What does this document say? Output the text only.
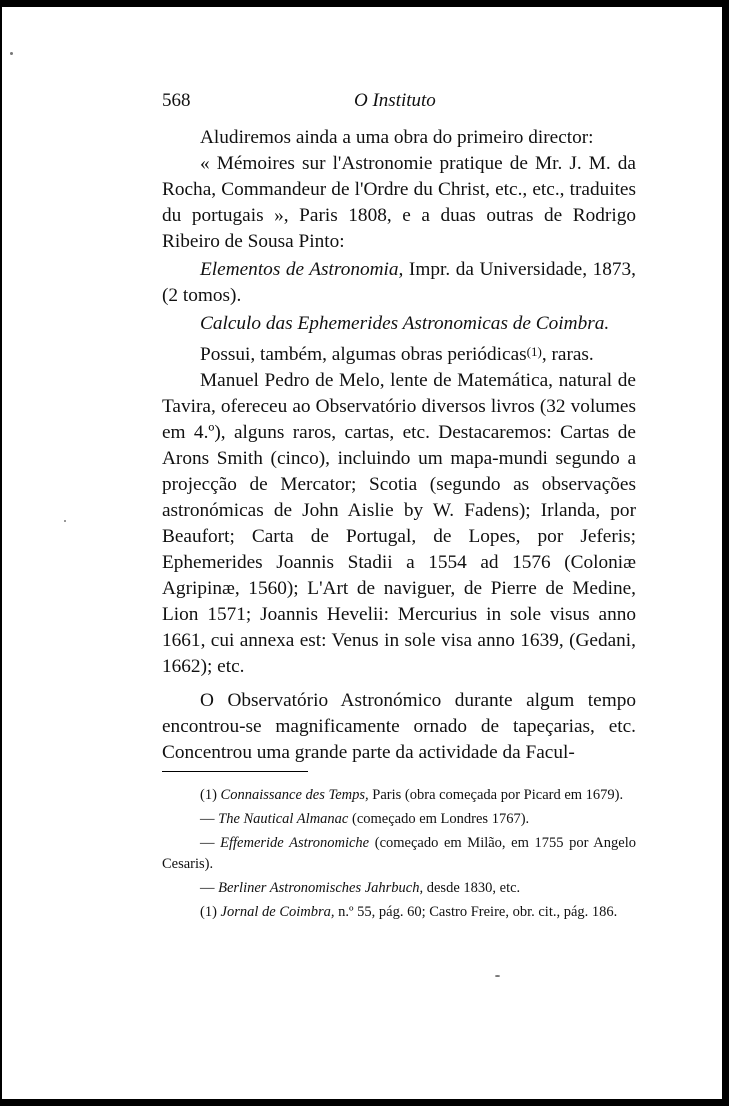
568	O Instituto

Aludiremos ainda a uma obra do primeiro director:

« Mémoires sur l'Astronomie pratique de Mr. J. M. da Rocha, Commandeur de l'Ordre du Christ, etc., etc., traduites du portugais », Paris 1808, e a duas outras de Rodrigo Ribeiro de Sousa Pinto:

Elementos de Astronomia, Impr. da Universidade, 1873, (2 tomos).

Calculo das Ephemerides Astronomicas de Coimbra.

Possui, também, algumas obras periódicas$^{(1)}$, raras.

Manuel Pedro de Melo, lente de Matemática, natural de Tavira, ofereceu ao Observatório diversos livros (32 volumes em 4.º), alguns raros, cartas, etc. Destacaremos: Cartas de Arons Smith (cinco), incluindo um mapa-mundi segundo a projecção de Mercator; Scotia (segundo as observações astronómicas de John Aislie by W. Fadens); Irlanda, por Beaufort; Carta de Portugal, de Lopes, por Jeferis; Ephemerides Joannis Stadii a 1554 ad 1576 (Coloniæ Agripinæ, 1560); L'Art de naviguer, de Pierre de Medine, Lion 1571; Joannis Hevelii: Mercurius in sole visus anno 1661, cui annexa est: Venus in sole visa anno 1639, (Gedani, 1662); etc.

O Observatório Astronómico durante algum tempo encontrou-se magnificamente ornado de tapeçarias, etc. Concentrou uma grande parte da actividade da Facul-

(1) Connaissance des Temps, Paris (obra começada por Picard em 1679).

— The Nautical Almanac (começado em Londres 1767).

— Effemeride Astronomiche (começado em Milão, em 1755 por Angelo Cesaris).

— Berliner Astronomisches Jahrbuch, desde 1830, etc.

(1) Jornal de Coimbra, n.º 55, pág. 60; Castro Freire, obr. cit., pág. 186.
